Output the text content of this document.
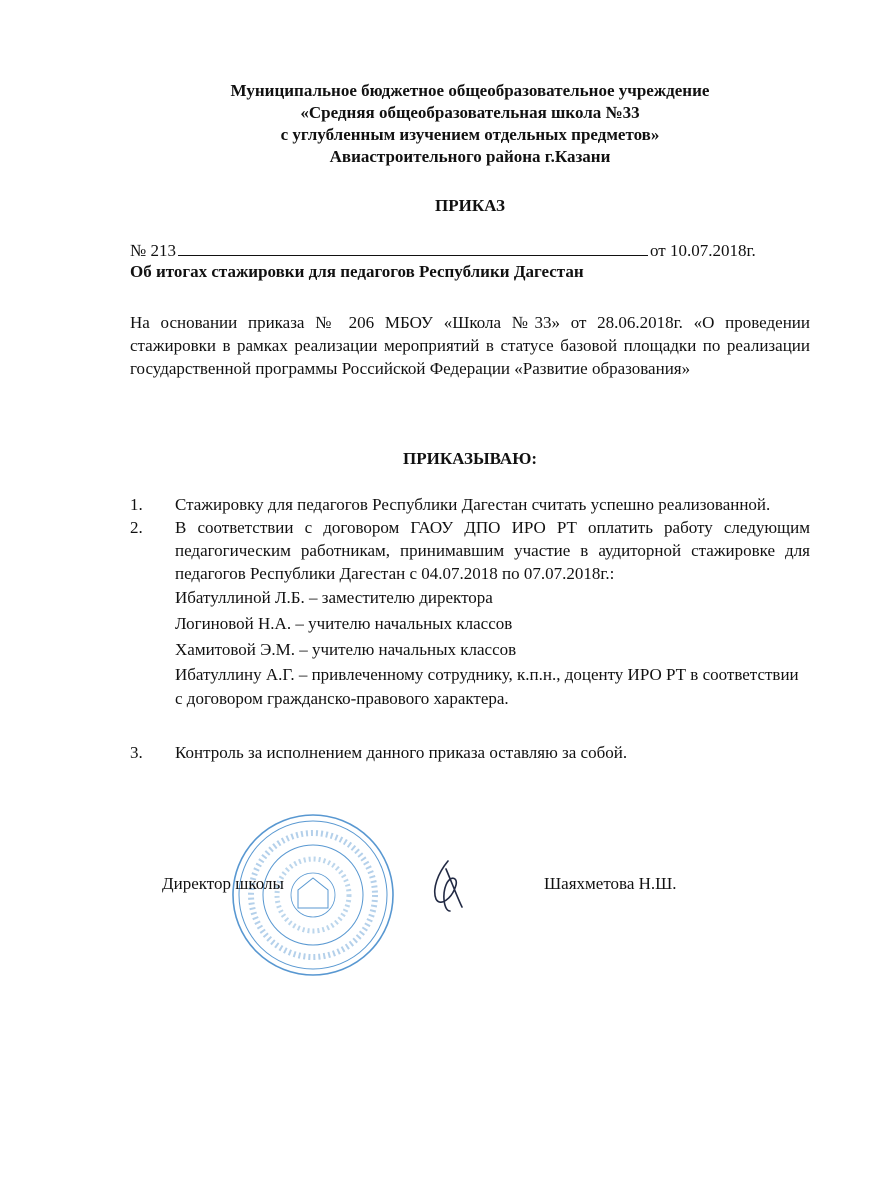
Муниципальное бюджетное общеобразовательное учреждение
«Средняя общеобразовательная школа №33
с углубленным изучением отдельных предметов»
Авиастроительного района г.Казани
ПРИКАЗ
№ 213	от 10.07.2018г.
Об итогах стажировки для педагогов Республики Дагестан
На основании приказа № 206 МБОУ «Школа №33» от 28.06.2018г. «О проведении стажировки в рамках реализации мероприятий в статусе базовой площадки по реализации государственной программы Российской Федерации «Развитие образования»
ПРИКАЗЫВАЮ:
1. Стажировку для педагогов Республики Дагестан считать успешно реализованной.
2. В соответствии с договором ГАОУ ДПО ИРО РТ оплатить работу следующим педагогическим работникам, принимавшим участие в аудиторной стажировке для педагогов Республики Дагестан с 04.07.2018 по 07.07.2018г.:
Ибатуллиной Л.Б. – заместителю директора
Логиновой Н.А. – учителю начальных классов
Хамитовой Э.М. – учителю начальных классов
Ибатуллину А.Г. – привлеченному сотруднику, к.п.н., доценту ИРО РТ в соответствии с договором гражданско-правового характера.
3. Контроль за исполнением данного приказа оставляю за собой.
Директор школы	Шаяхметова Н.Ш.
